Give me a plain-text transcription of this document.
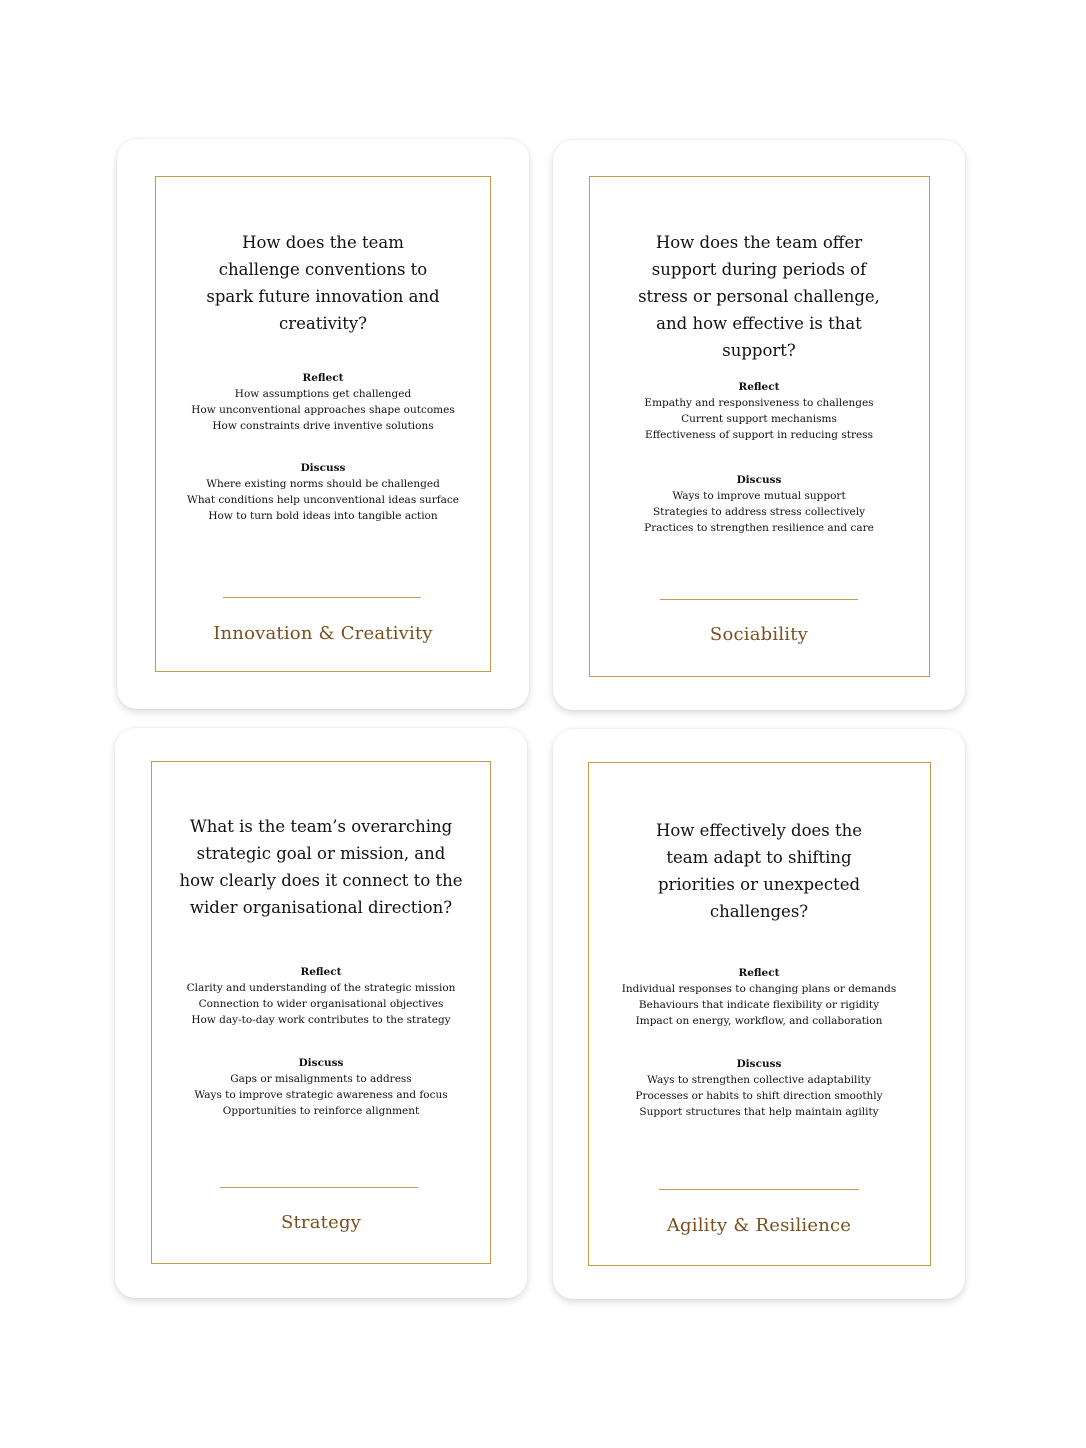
How does the team challenge conventions to spark future innovation and creativity?

Reflect
How assumptions get challenged
How unconventional approaches shape outcomes
How constraints drive inventive solutions
Discuss
Where existing norms should be challenged
What conditions help unconventional ideas surface
How to turn bold ideas into tangible action
Innovation & Creativity

How does the team offer support during periods of stress or personal challenge, and how effective is that support?

Reflect
Empathy and responsiveness to challenges
Current support mechanisms
Effectiveness of support in reducing stress
Discuss
Ways to improve mutual support
Strategies to address stress collectively
Practices to strengthen resilience and care
Sociability

What is the team’s overarching strategic goal or mission, and how clearly does it connect to the wider organisational direction?

Reflect
Clarity and understanding of the strategic mission
Connection to wider organisational objectives
How day-to-day work contributes to the strategy
Discuss
Gaps or misalignments to address
Ways to improve strategic awareness and focus
Opportunities to reinforce alignment
Strategy

How effectively does the team adapt to shifting priorities or unexpected challenges?

Reflect
Individual responses to changing plans or demands
Behaviours that indicate flexibility or rigidity
Impact on energy, workflow, and collaboration
Discuss
Ways to strengthen collective adaptability
Processes or habits to shift direction smoothly
Support structures that help maintain agility
Agility & Resilience
